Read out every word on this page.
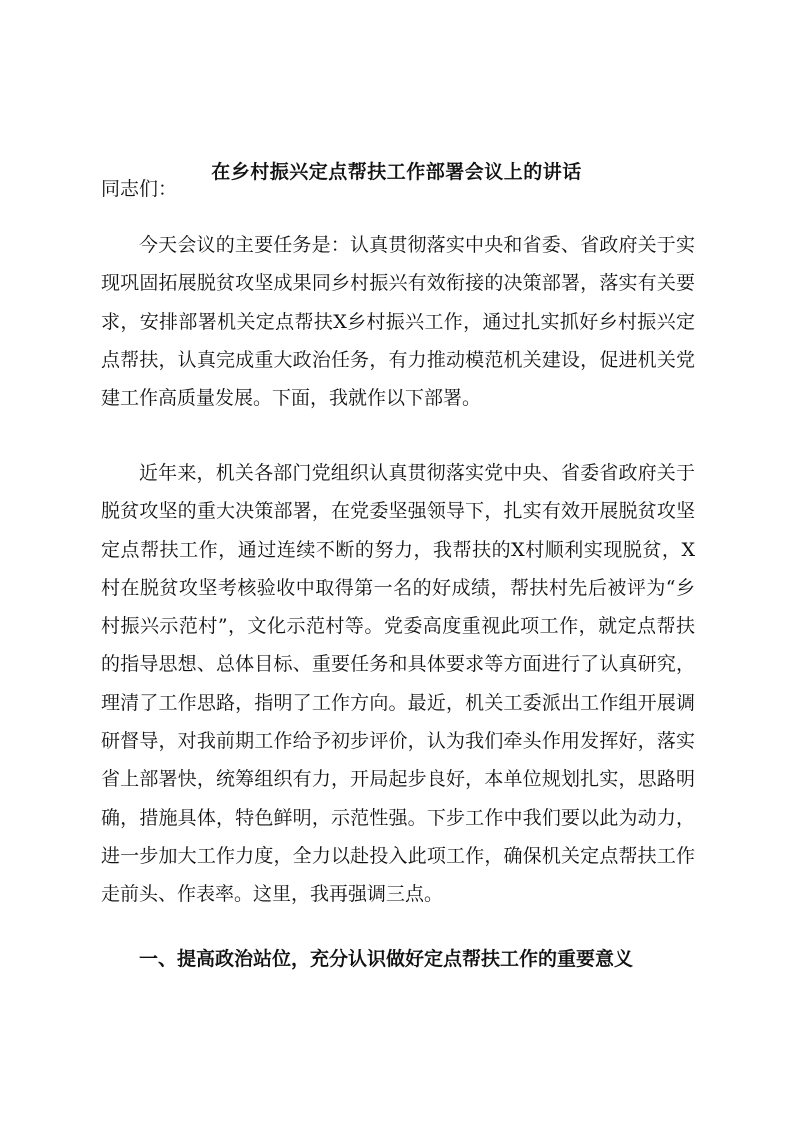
在乡村振兴定点帮扶工作部署会议上的讲话

同志们：

今天会议的主要任务是：认真贯彻落实中央和省委、省政府关于实现巩固拓展脱贫攻坚成果同乡村振兴有效衔接的决策部署，落实有关要求，安排部署机关定点帮扶X乡村振兴工作，通过扎实抓好乡村振兴定点帮扶，认真完成重大政治任务，有力推动模范机关建设，促进机关党建工作高质量发展。下面，我就作以下部署。

近年来，机关各部门党组织认真贯彻落实党中央、省委省政府关于脱贫攻坚的重大决策部署，在党委坚强领导下，扎实有效开展脱贫攻坚定点帮扶工作，通过连续不断的努力，我帮扶的X村顺利实现脱贫，X村在脱贫攻坚考核验收中取得第一名的好成绩，帮扶村先后被评为“乡村振兴示范村”，文化示范村等。党委高度重视此项工作，就定点帮扶的指导思想、总体目标、重要任务和具体要求等方面进行了认真研究，理清了工作思路，指明了工作方向。最近，机关工委派出工作组开展调研督导，对我前期工作给予初步评价，认为我们牵头作用发挥好，落实省上部署快，统筹组织有力，开局起步良好，本单位规划扎实，思路明确，措施具体，特色鲜明，示范性强。下步工作中我们要以此为动力，进一步加大工作力度，全力以赴投入此项工作，确保机关定点帮扶工作走前头、作表率。这里，我再强调三点。

一、提高政治站位，充分认识做好定点帮扶工作的重要意义
